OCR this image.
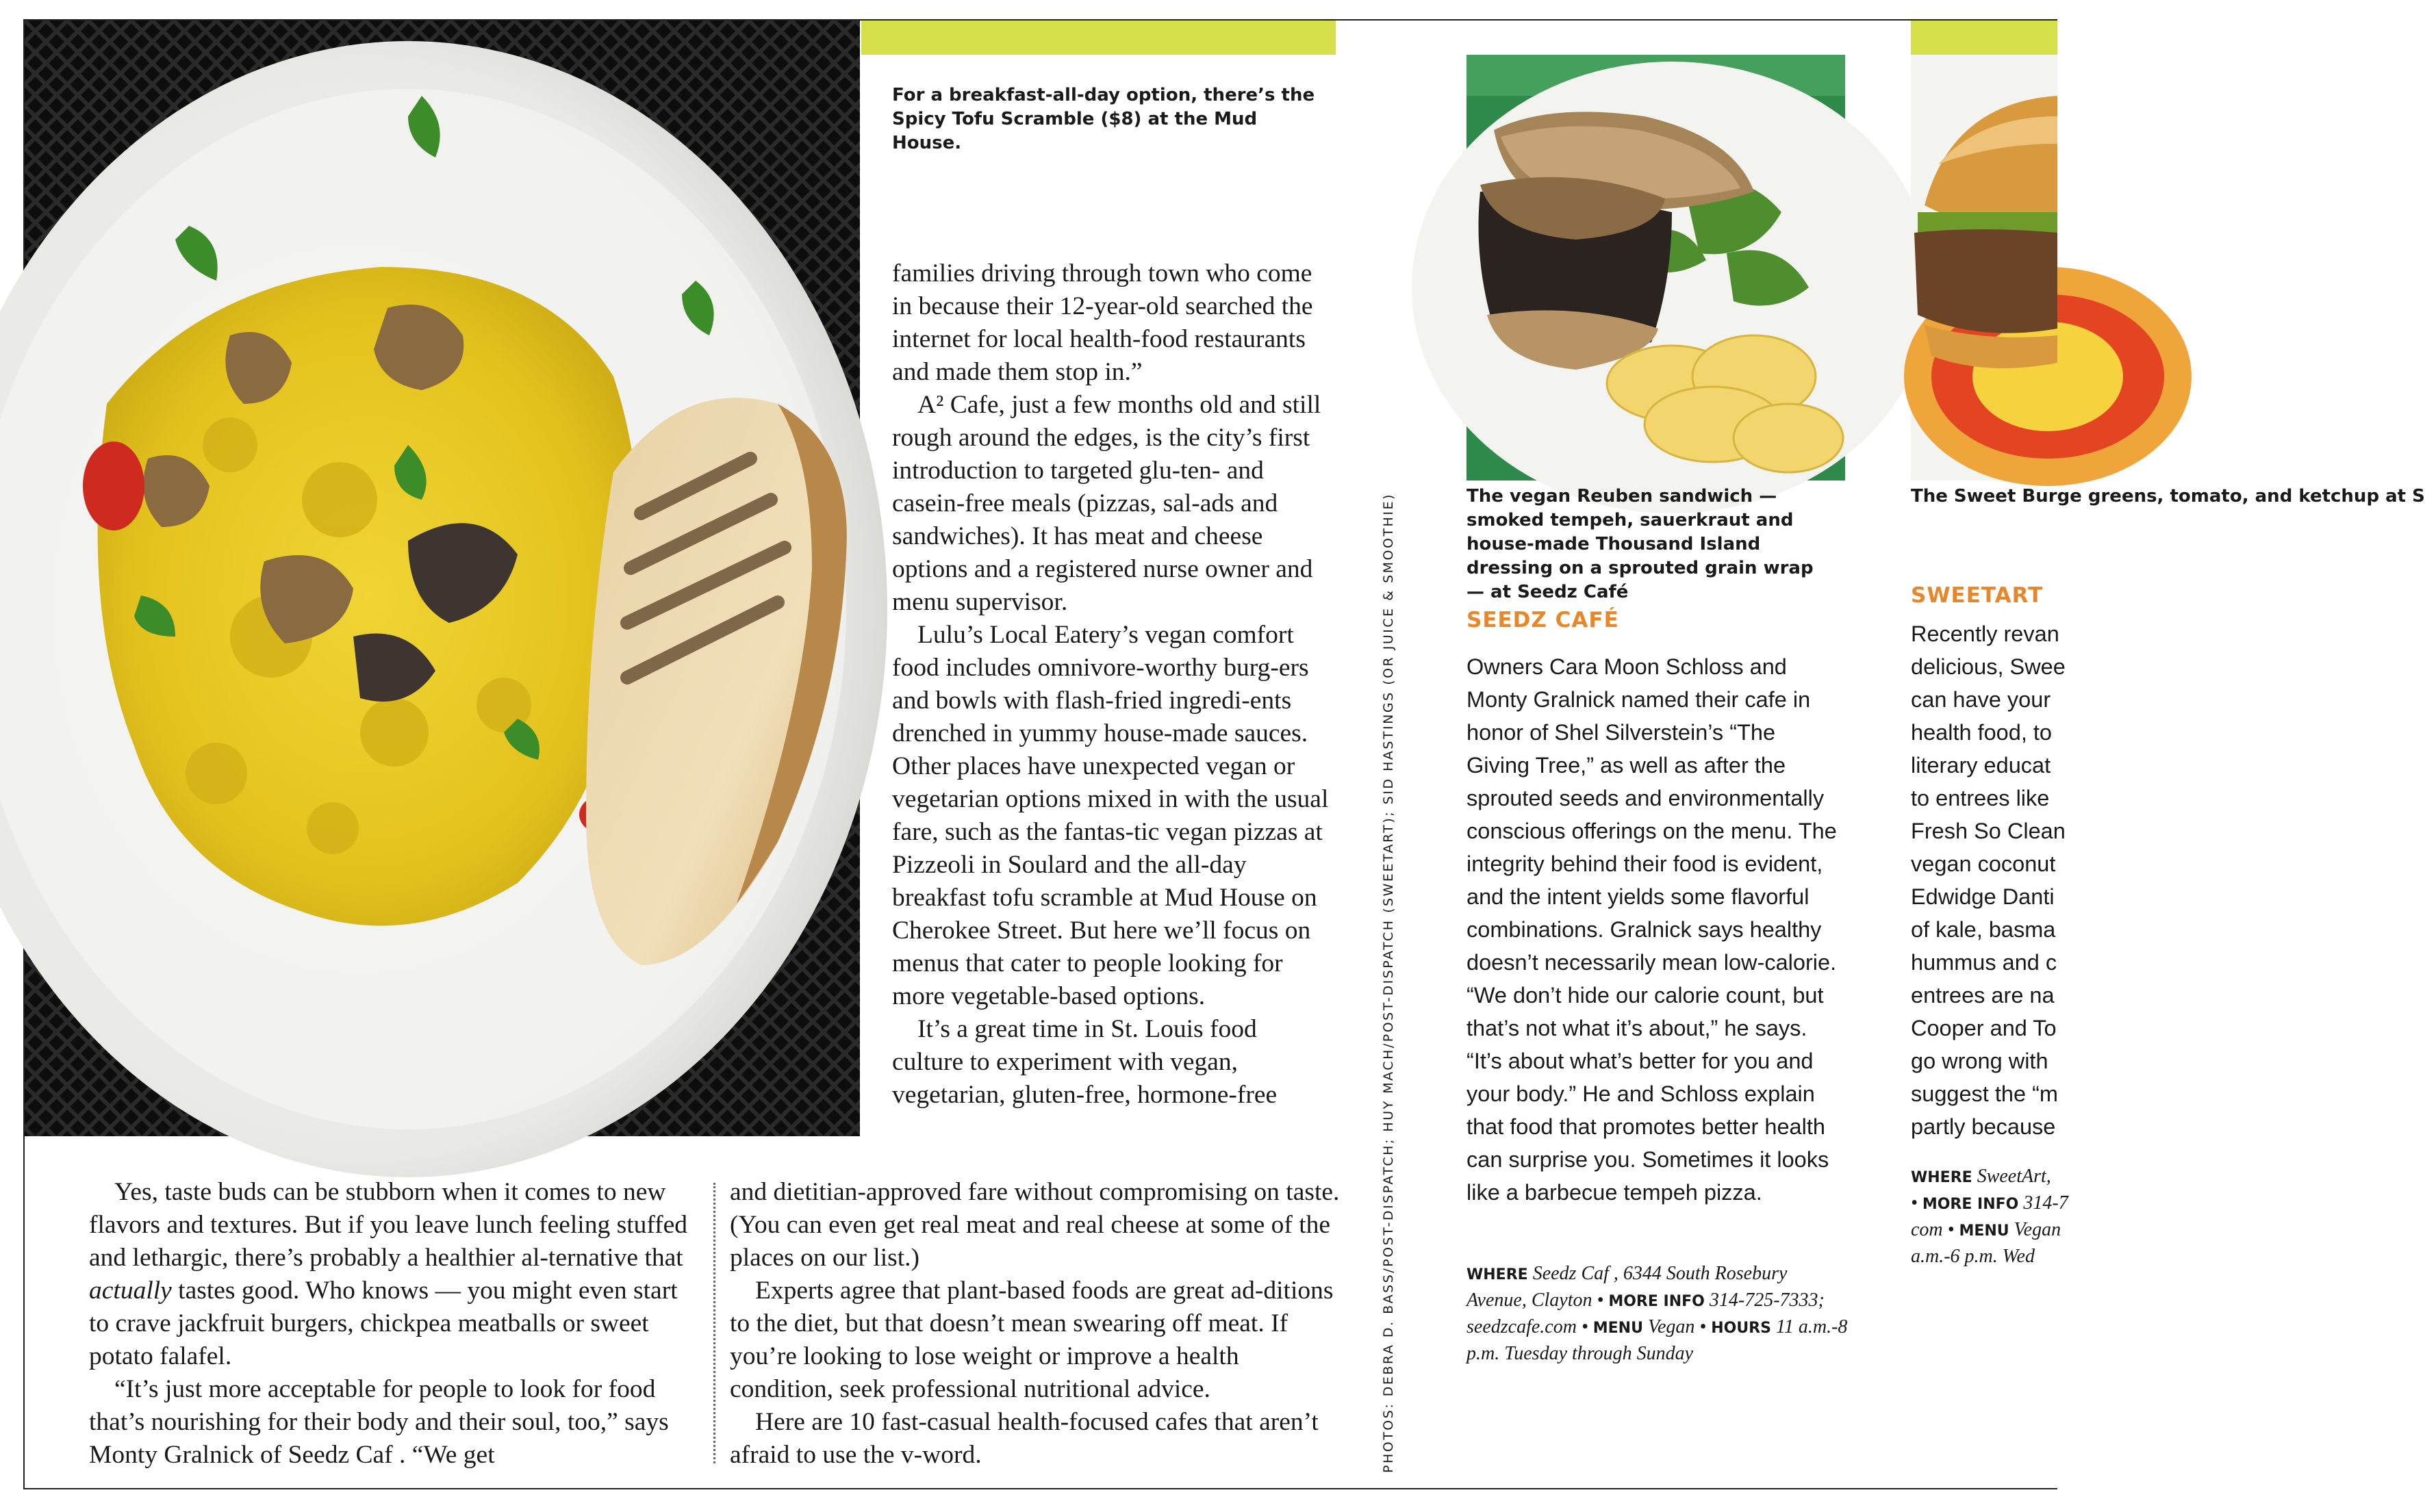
For a breakfast-all-day option, there’s the Spicy Tofu Scramble ($8) at the Mud House.

families driving through town who come in because their 12-year-old searched the internet for local health-food restaurants and made them stop in.”

A² Cafe, just a few months old and still rough around the edges, is the city’s first introduction to targeted glu-ten- and casein-free meals (pizzas, sal-ads and sandwiches). It has meat and cheese options and a registered nurse owner and menu supervisor.

Lulu’s Local Eatery’s vegan comfort food includes omnivore-worthy burg-ers and bowls with flash-fried ingredi-ents drenched in yummy house-made sauces. Other places have unexpected vegan or vegetarian options mixed in with the usual fare, such as the fantas-tic vegan pizzas at Pizzeoli in Soulard and the all-day breakfast tofu scramble at Mud House on Cherokee Street. But here we’ll focus on menus that cater to people looking for more vegetable-based options.

It’s a great time in St. Louis food culture to experiment with vegan, vegetarian, gluten-free, hormone-free

Yes, taste buds can be stubborn when it comes to new flavors and textures. But if you leave lunch feeling stuffed and lethargic, there’s probably a healthier al-ternative that actually tastes good. Who knows — you might even start to crave jackfruit burgers, chickpea meatballs or sweet potato falafel.

“It’s just more acceptable for people to look for food that’s nourishing for their body and their soul, too,” says Monty Gralnick of Seedz Caf . “We get

and dietitian-approved fare without compromising on taste. (You can even get real meat and real cheese at some of the places on our list.)

Experts agree that plant-based foods are great ad-ditions to the diet, but that doesn’t mean swearing off meat. If you’re looking to lose weight or improve a health condition, seek professional nutritional advice.

Here are 10 fast-casual health-focused cafes that aren’t afraid to use the v-word.	PHOTOS: DEBRA D. BASS/POST-DISPATCH; HUY MACH/POST-DISPATCH (SWEETART); SID HASTINGS (OR JUICE & SMOOTHIE)	The vegan Reuben sandwich — smoked tempeh, sauerkraut and house-made Thousand Island dressing on a sprouted grain wrap — at Seedz Café

SEEDZ CAFÉ

Owners Cara Moon Schloss and Monty Gralnick named their cafe in honor of Shel Silverstein’s “The Giving Tree,” as well as after the sprouted seeds and environmentally conscious offerings on the menu. The integrity behind their food is evident, and the intent yields some flavorful combinations. Gralnick says healthy doesn’t necessarily mean low-calorie. “We don’t hide our calorie count, but that’s not what it’s about,” he says. “It’s about what’s better for you and your body.” He and Schloss explain that food that promotes better health can surprise you. Sometimes it looks like a barbecue tempeh pizza.

WHERE Seedz Caf , 6344 South Rosebury Avenue, Clayton • MORE INFO 314-725-7333; seedzcafe.com • MENU Vegan • HOURS 11 a.m.-8 p.m. Tuesday through Sunday

The Sweet Burge greens, tomato, and ketchup at S

SWEETART
Recently revan
delicious, Swee
can have your
health food, to
literary educat
to entrees like
Fresh So Clean
vegan coconut
Edwidge Danti
of kale, basma
hummus and c
entrees are na
Cooper and To
go wrong with
suggest the “m
partly because
WHERE SweetArt,
• MORE INFO 314-7
com • MENU Vegan
a.m.-6 p.m. Wed
